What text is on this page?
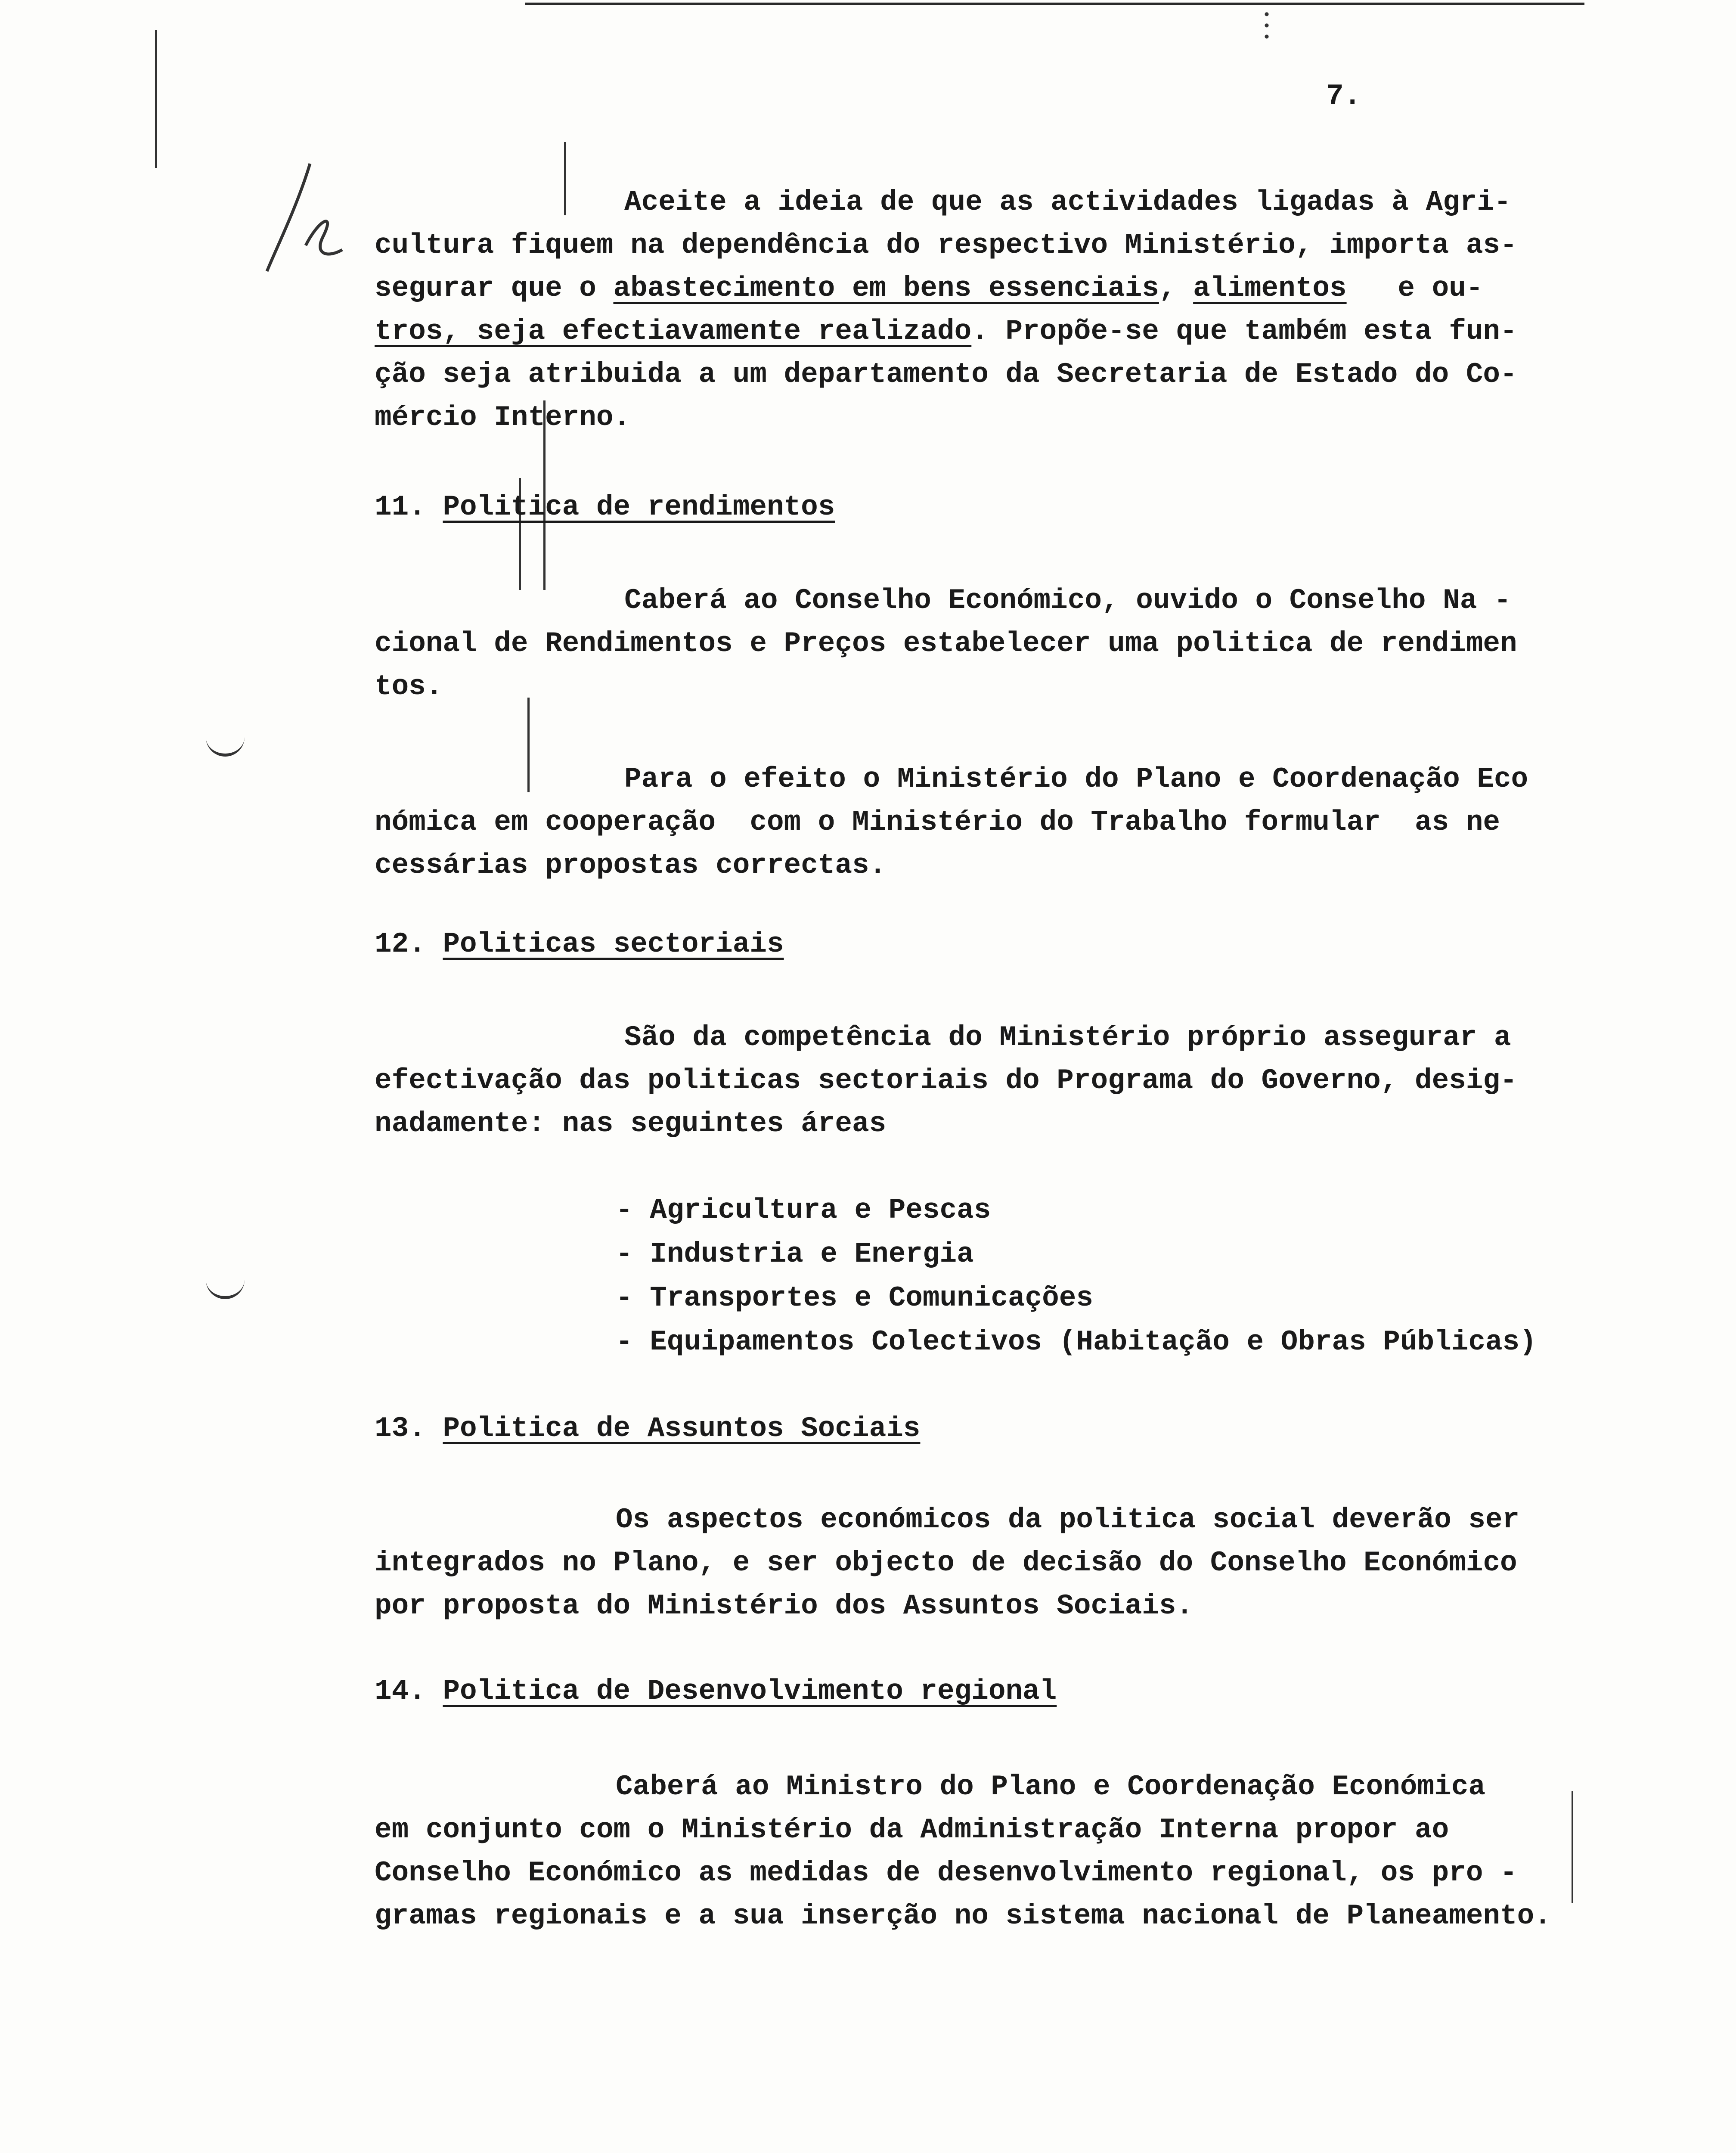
7.
Aceite a ideia de que as actividades ligadas à Agri-
cultura fiquem na dependência do respectivo Ministério, importa as-
segurar que o abastecimento em bens essenciais, alimentos   e ou-
tros, seja efectiavamente realizado. Propõe-se que também esta fun-
ção seja atribuida a um departamento da Secretaria de Estado do Co-
mércio Interno.
11. Politica de rendimentos
Caberá ao Conselho Económico, ouvido o Conselho Na -
cional de Rendimentos e Preços estabelecer uma politica de rendimen
tos.
Para o efeito o Ministério do Plano e Coordenação Eco
nómica em cooperação  com o Ministério do Trabalho formular  as ne
cessárias propostas correctas.
12. Politicas sectoriais
São da competência do Ministério próprio assegurar a
efectivação das politicas sectoriais do Programa do Governo, desig-
nadamente: nas seguintes áreas
- Agricultura e Pescas
- Industria e Energia
- Transportes e Comunicações
- Equipamentos Colectivos (Habitação e Obras Públicas)
13. Politica de Assuntos Sociais
Os aspectos económicos da politica social deverão ser
integrados no Plano, e ser objecto de decisão do Conselho Económico
por proposta do Ministério dos Assuntos Sociais.
14. Politica de Desenvolvimento regional
Caberá ao Ministro do Plano e Coordenação Económica
em conjunto com o Ministério da Administração Interna propor ao
Conselho Económico as medidas de desenvolvimento regional, os pro -
gramas regionais e a sua inserção no sistema nacional de Planeamento.
